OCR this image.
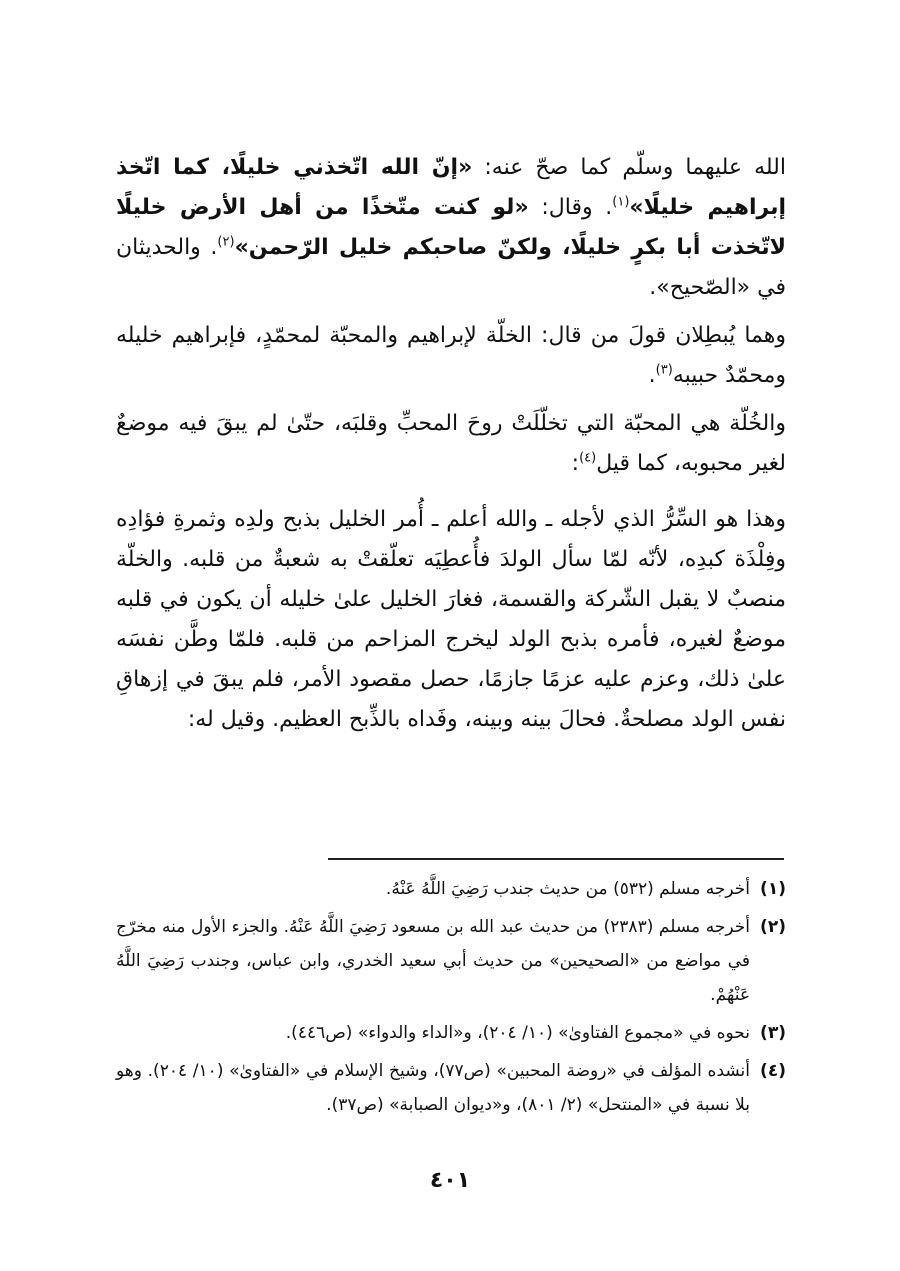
الله عليهما وسلّم كما صحّ عنه: «إنّ الله اتّخذني خليلًا، كما اتّخذ إبراهيم خليلًا»$^{(١)}$. وقال: «لو كنت متّخذًا من أهل الأرض خليلًا لاتّخذت أبا بكرٍ خليلًا، ولكنّ صاحبكم خليل الرّحمن»$^{(٢)}$. والحديثان في «الصّحيح».

وهما يُبطِلان قولَ من قال: الخلّة لإبراهيم والمحبّة لمحمّدٍ، فإبراهيم خليله ومحمّدٌ حبيبه$^{(٣)}$.

والخُلّة هي المحبّة التي تخلّلَتْ روحَ المحبِّ وقلبَه، حتّىٰ لم يبقَ فيه موضعٌ لغير محبوبه، كما قيل$^{(٤)}$:

وهذا هو السِّرُّ الذي لأجله ـ والله أعلم ـ أُمر الخليل بذبح ولدِه وثمرةِ فؤادِه وفِلْذَة كبدِه، لأنّه لمّا سأل الولدَ فأُعطِيَه تعلّقتْ به شعبةٌ من قلبه. والخلّة منصبٌ لا يقبل الشّركة والقسمة، فغارَ الخليل علىٰ خليله أن يكون في قلبه موضعٌ لغيره، فأمره بذبح الولد ليخرج المزاحم من قلبه. فلمّا وطَّن نفسَه علىٰ ذلك، وعزم عليه عزمًا جازمًا، حصل مقصود الأمر، فلم يبقَ في إزهاقِ نفس الولد مصلحةٌ. فحالَ بينه وبينه، وفَداه بالذِّبح العظيم. وقيل له:

(١)
أخرجه مسلم (٥٣٢) من حديث جندب رَضِيَ اللَّهُ عَنْهُ.
(٢)
أخرجه مسلم (٢٣٨٣) من حديث عبد الله بن مسعود رَضِيَ اللَّهُ عَنْهُ. والجزء الأول منه مخرّج في مواضع من «الصحيحين» من حديث أبي سعيد الخدري، وابن عباس، وجندب رَضِيَ اللَّهُ عَنْهُمْ.
(٣)
نحوه في «مجموع الفتاوىٰ» (١٠/ ٢٠٤)، و«الداء والدواء» (ص٤٤٦).
(٤)
أنشده المؤلف في «روضة المحبين» (ص٧٧)، وشيخ الإسلام في «الفتاوىٰ» (١٠/ ٢٠٤). وهو بلا نسبة في «المنتحل» (٢/ ٨٠١)، و«ديوان الصبابة» (ص٣٧).
٤٠١
